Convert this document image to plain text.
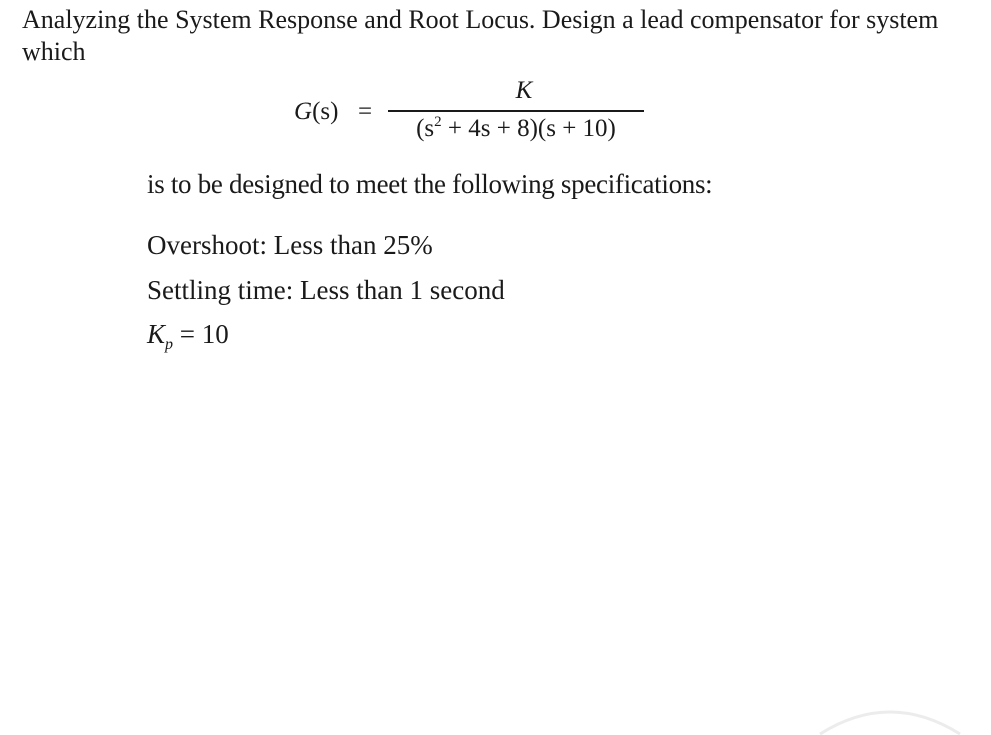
Analyzing the System Response and Root Locus. Design a lead compensator for system which
G(s) =
K
$(s^2 + 4s + 8)(s + 10)$
is to be designed to meet the following specifications:
Overshoot: Less than 25%
Settling time: Less than 1 second
$K_p = 10$
